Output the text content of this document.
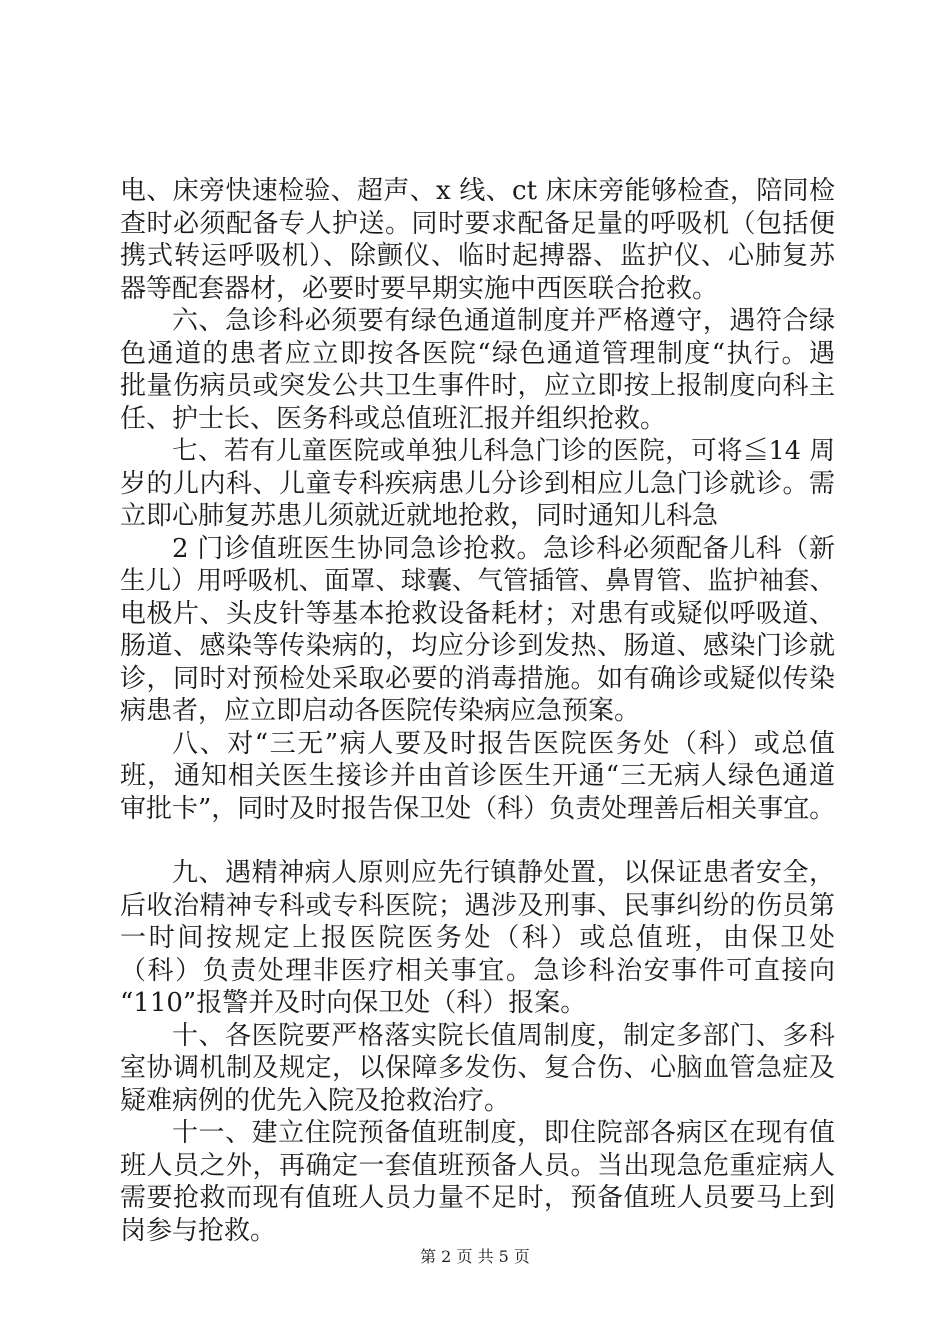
电、床旁快速检验、超声、x 线、ct 床床旁能够检查，陪同检
查时必须配备专人护送。同时要求配备足量的呼吸机（包括便
携式转运呼吸机）、除颤仪、临时起搏器、监护仪、心肺复苏
器等配套器材，必要时要早期实施中西医联合抢救。
六、急诊科必须要有绿色通道制度并严格遵守，遇符合绿
色通道的患者应立即按各医院“绿色通道管理制度“执行。遇
批量伤病员或突发公共卫生事件时，应立即按上报制度向科主
任、护士长、医务科或总值班汇报并组织抢救。
七、若有儿童医院或单独儿科急门诊的医院，可将≦14 周
岁的儿内科、儿童专科疾病患儿分诊到相应儿急门诊就诊。需
立即心肺复苏患儿须就近就地抢救，同时通知儿科急
2 门诊值班医生协同急诊抢救。急诊科必须配备儿科（新
生儿）用呼吸机、面罩、球囊、气管插管、鼻胃管、监护袖套、
电极片、头皮针等基本抢救设备耗材；对患有或疑似呼吸道、
肠道、感染等传染病的，均应分诊到发热、肠道、感染门诊就
诊，同时对预检处采取必要的消毒措施。如有确诊或疑似传染
病患者，应立即启动各医院传染病应急预案。
八、对“三无”病人要及时报告医院医务处（科）或总值
班，通知相关医生接诊并由首诊医生开通“三无病人绿色通道
审批卡”，同时及时报告保卫处（科）负责处理善后相关事宜。
九、遇精神病人原则应先行镇静处置，以保证患者安全，
后收治精神专科或专科医院；遇涉及刑事、民事纠纷的伤员第
一时间按规定上报医院医务处（科）或总值班，由保卫处
（科）负责处理非医疗相关事宜。急诊科治安事件可直接向
“110”报警并及时向保卫处（科）报案。
十、各医院要严格落实院长值周制度，制定多部门、多科
室协调机制及规定，以保障多发伤、复合伤、心脑血管急症及
疑难病例的优先入院及抢救治疗。
十一、建立住院预备值班制度，即住院部各病区在现有值
班人员之外，再确定一套值班预备人员。当出现急危重症病人
需要抢救而现有值班人员力量不足时，预备值班人员要马上到
岗参与抢救。
第 2 页 共 5 页
